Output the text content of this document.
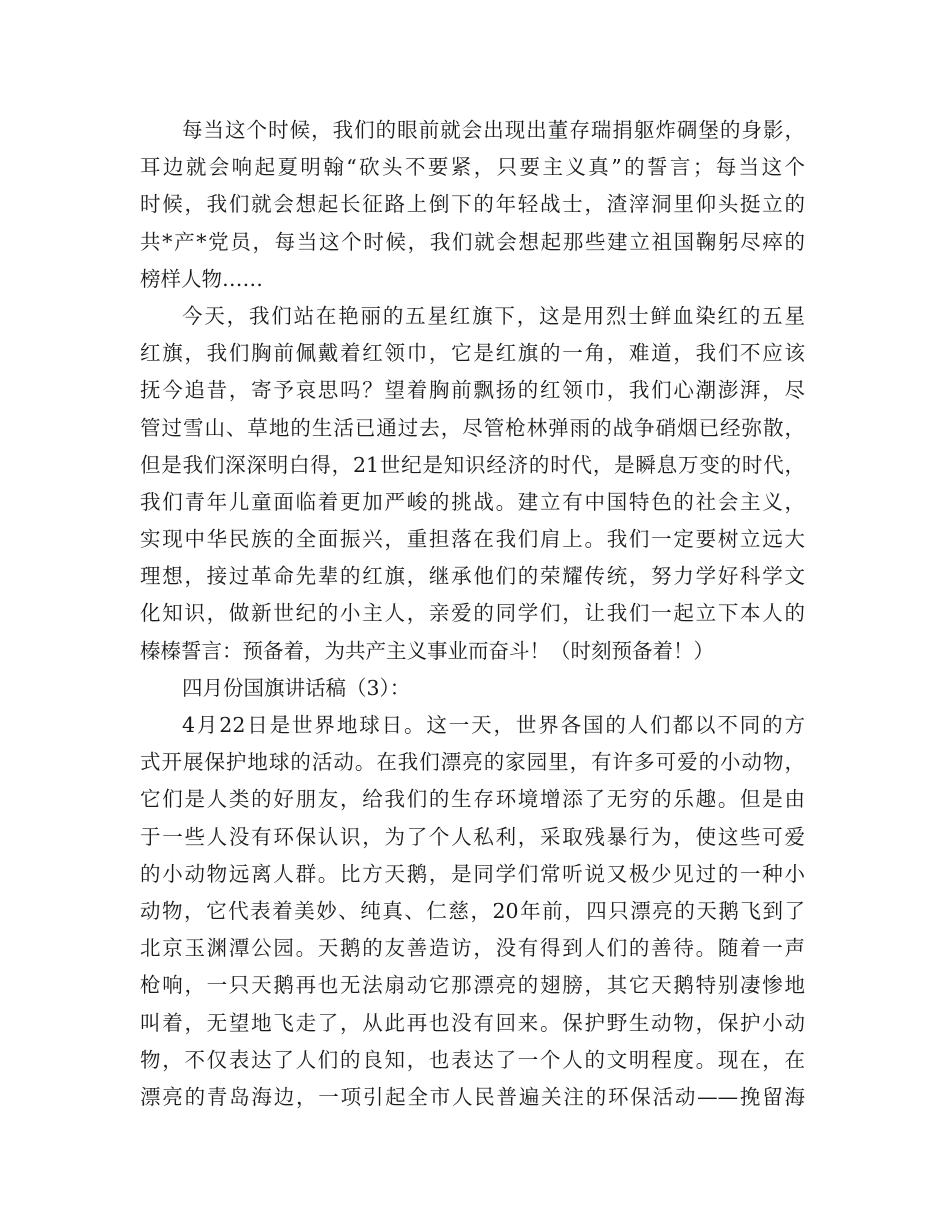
每当这个时候，我们的眼前就会出现出董存瑞捐躯炸碉堡的身影，
耳边就会响起夏明翰“砍头不要紧，只要主义真”的誓言；每当这个
时候，我们就会想起长征路上倒下的年轻战士，渣滓洞里仰头挺立的
共*产*党员，每当这个时候，我们就会想起那些建立祖国鞠躬尽瘁的
榜样人物……
今天，我们站在艳丽的五星红旗下，这是用烈士鲜血染红的五星
红旗，我们胸前佩戴着红领巾，它是红旗的一角，难道，我们不应该
抚今追昔，寄予哀思吗？望着胸前飘扬的红领巾，我们心潮澎湃，尽
管过雪山、草地的生活已通过去，尽管枪林弹雨的战争硝烟已经弥散，
但是我们深深明白得，21世纪是知识经济的时代，是瞬息万变的时代，
我们青年儿童面临着更加严峻的挑战。建立有中国特色的社会主义，
实现中华民族的全面振兴，重担落在我们肩上。我们一定要树立远大
理想，接过革命先辈的红旗，继承他们的荣耀传统，努力学好科学文
化知识，做新世纪的小主人，亲爱的同学们，让我们一起立下本人的
榛榛誓言：预备着，为共产主义事业而奋斗！（时刻预备着！）
四月份国旗讲话稿（3）：
4月22日是世界地球日。这一天，世界各国的人们都以不同的方
式开展保护地球的活动。在我们漂亮的家园里，有许多可爱的小动物，
它们是人类的好朋友，给我们的生存环境增添了无穷的乐趣。但是由
于一些人没有环保认识，为了个人私利，采取残暴行为，使这些可爱
的小动物远离人群。比方天鹅，是同学们常听说又极少见过的一种小
动物，它代表着美妙、纯真、仁慈，20年前，四只漂亮的天鹅飞到了
北京玉渊潭公园。天鹅的友善造访，没有得到人们的善待。随着一声
枪响，一只天鹅再也无法扇动它那漂亮的翅膀，其它天鹅特别凄惨地
叫着，无望地飞走了，从此再也没有回来。保护野生动物，保护小动
物，不仅表达了人们的良知，也表达了一个人的文明程度。现在，在
漂亮的青岛海边，一项引起全市人民普遍关注的环保活动——挽留海
